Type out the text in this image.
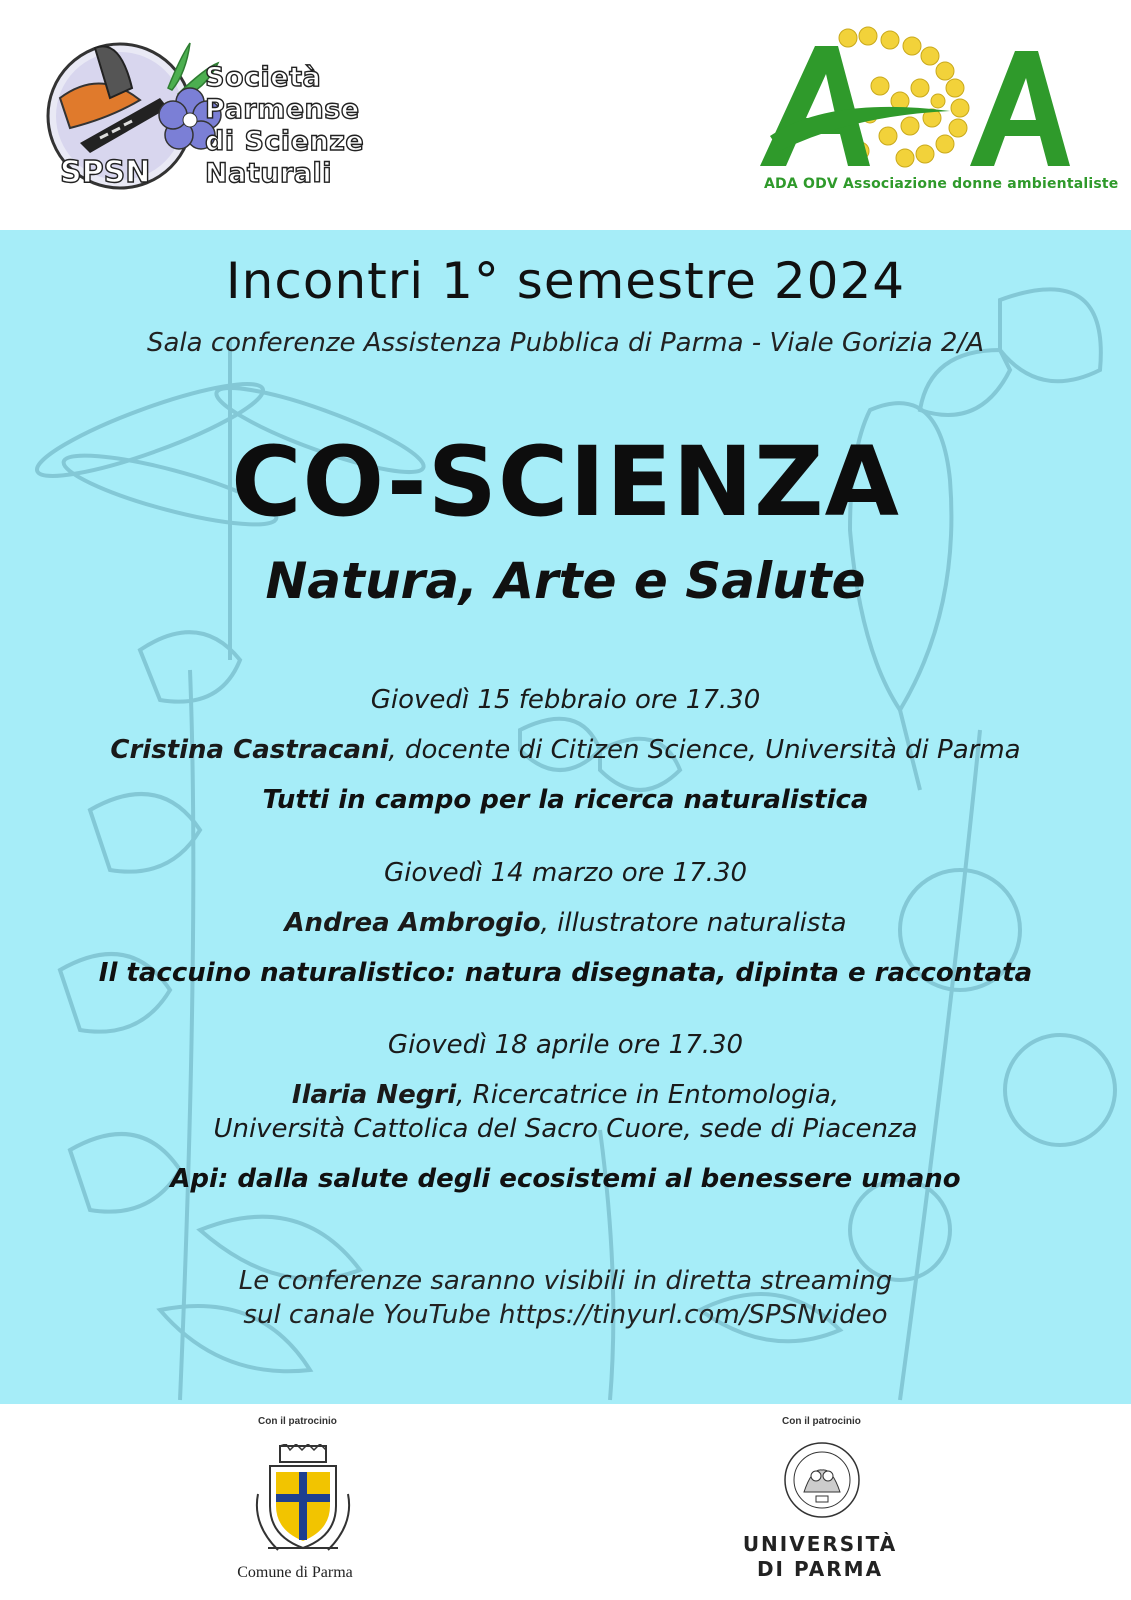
Società
Parmense
di Scienze
Naturali
SPSN	ADA ODV Associazione donne ambientaliste
Incontri 1° semestre 2024
Sala conferenze Assistenza Pubblica di Parma - Viale Gorizia 2/A
CO-SCIENZA
Natura, Arte e Salute
Giovedì 15 febbraio ore 17.30
Cristina Castracani, docente di Citizen Science, Università di Parma
Tutti in campo per la ricerca naturalistica
Giovedì 14 marzo ore 17.30
Andrea Ambrogio, illustratore naturalista
Il taccuino naturalistico: natura disegnata, dipinta e raccontata
Giovedì 18 aprile ore 17.30
Ilaria Negri, Ricercatrice in Entomologia,
Università Cattolica del Sacro Cuore, sede di Piacenza
Api: dalla salute degli ecosistemi al benessere umano
Le conferenze saranno visibili in diretta streaming
sul canale YouTube https://tinyurl.com/SPSNvideo
Con il patrocinio
Comune di Parma
Con il patrocinio
UNIVERSITÀ
DI PARMA
